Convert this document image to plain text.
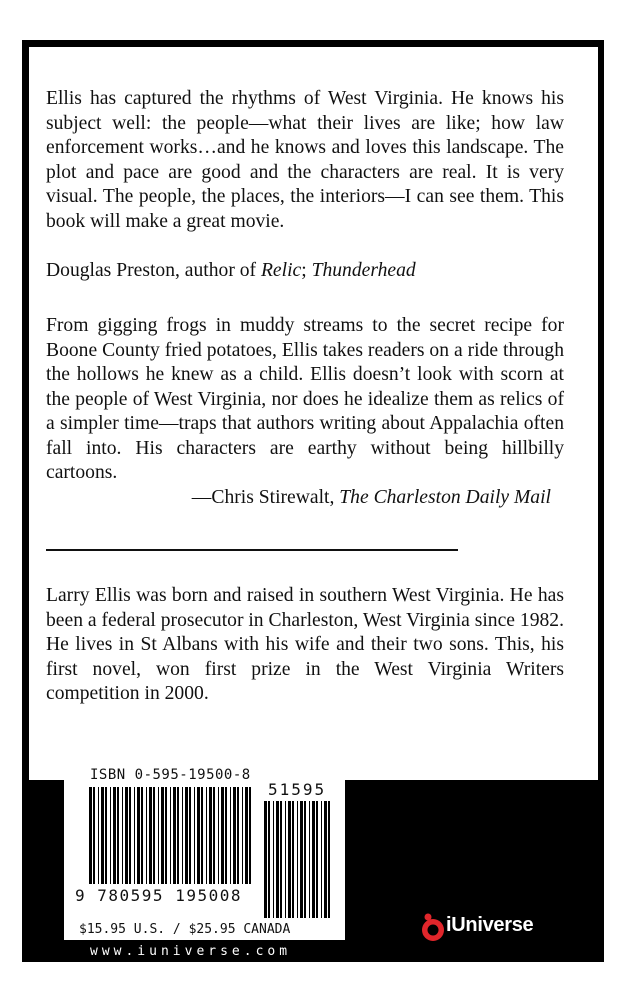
Ellis has captured the rhythms of West Virginia. He knows his subject well: the people—what their lives are like; how law enforcement works…and he knows and loves this landscape. The plot and pace are good and the characters are real. It is very visual. The people, the places, the interiors—I can see them. This book will make a great movie.

Douglas Preston, author of Relic; Thunderhead

From gigging frogs in muddy streams to the secret recipe for Boone County fried potatoes, Ellis takes readers on a ride through the hollows he knew as a child. Ellis doesn’t look with scorn at the people of West Virginia, nor does he idealize them as relics of a simpler time—traps that authors writing about Appalachia often fall into. His characters are earthy without being hillbilly cartoons.

—Chris Stirewalt, The Charleston Daily Mail

Larry Ellis was born and raised in southern West Virginia. He has been a federal prosecutor in Charleston, West Virginia since 1982. He lives in St Albans with his wife and their two sons. This, his first novel, won first prize in the West Virginia Writers competition in 2000.

ISBN 0-595-19500-8
51595
9 780595 195008
$15.95 U.S. / $25.95 CANADA
www.iuniverse.com
iUniverse
